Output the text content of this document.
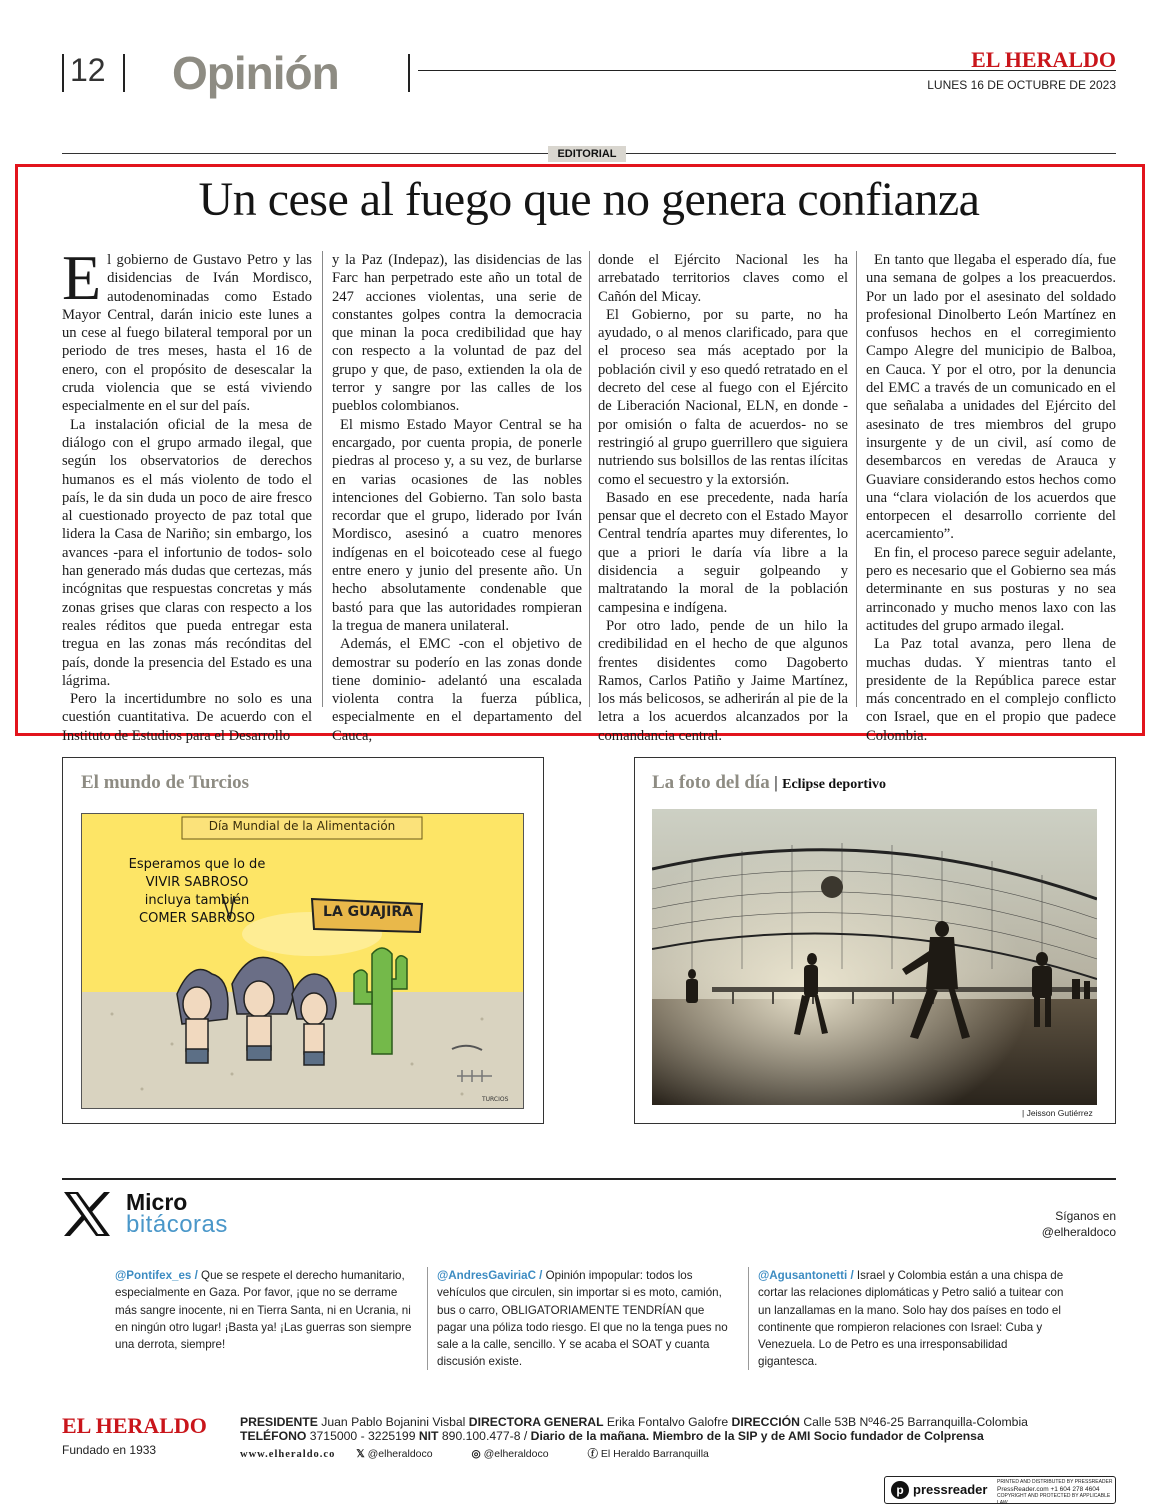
12 Opinión	EL HERALDO
LUNES 16 DE OCTUBRE DE 2023
EDITORIAL
Un cese al fuego que no genera confianza

El gobierno de Gustavo Petro y las disidencias de Iván Mordisco, autodenominadas como Estado Mayor Central, darán inicio este lunes a un cese al fuego bilateral temporal por un periodo de tres meses, hasta el 16 de enero, con el propósito de desescalar la cruda violencia que se está viviendo especialmente en el sur del país.

La instalación oficial de la mesa de diálogo con el grupo armado ilegal, que según los observatorios de derechos humanos es el más violento de todo el país, le da sin duda un poco de aire fresco al cuestionado proyecto de paz total que lidera la Casa de Nariño; sin embargo, los avances -para el infortunio de todos- solo han generado más dudas que certezas, más incógnitas que respuestas concretas y más zonas grises que claras con respecto a los reales réditos que pueda entregar esta tregua en las zonas más recónditas del país, donde la presencia del Estado es una lágrima.

Pero la incertidumbre no solo es una cuestión cuantitativa. De acuerdo con el Instituto de Estudios para el Desarrollo

y la Paz (Indepaz), las disidencias de las Farc han perpetrado este año un total de 247 acciones violentas, una serie de constantes golpes contra la democracia que minan la poca credibilidad que hay con respecto a la voluntad de paz del grupo y que, de paso, extienden la ola de terror y sangre por las calles de los pueblos colombianos.

El mismo Estado Mayor Central se ha encargado, por cuenta propia, de ponerle piedras al proceso y, a su vez, de burlarse en varias ocasiones de las nobles intenciones del Gobierno. Tan solo basta recordar que el grupo, liderado por Iván Mordisco, asesinó a cuatro menores indígenas en el boicoteado cese al fuego entre enero y junio del presente año. Un hecho absolutamente condenable que bastó para que las autoridades rompieran la tregua de manera unilateral.

Además, el EMC -con el objetivo de demostrar su poderío en las zonas donde tiene dominio- adelantó una escalada violenta contra la fuerza pública, especialmente en el departamento del Cauca,

donde el Ejército Nacional les ha arrebatado territorios claves como el Cañón del Micay.

El Gobierno, por su parte, no ha ayudado, o al menos clarificado, para que el proceso sea más aceptado por la población civil y eso quedó retratado en el decreto del cese al fuego con el Ejército de Liberación Nacional, ELN, en donde -por omisión o falta de acuerdos- no se restringió al grupo guerrillero que siguiera nutriendo sus bolsillos de las rentas ilícitas como el secuestro y la extorsión.

Basado en ese precedente, nada haría pensar que el decreto con el Estado Mayor Central tendría apartes muy diferentes, lo que a priori le daría vía libre a la disidencia a seguir golpeando y maltratando la moral de la población campesina e indígena.

Por otro lado, pende de un hilo la credibilidad en el hecho de que algunos frentes disidentes como Dagoberto Ramos, Carlos Patiño y Jaime Martínez, los más belicosos, se adherirán al pie de la letra a los acuerdos alcanzados por la comandancia central.

En tanto que llegaba el esperado día, fue una semana de golpes a los preacuerdos. Por un lado por el asesinato del soldado profesional Dinolberto León Martínez en confusos hechos en el corregimiento Campo Alegre del municipio de Balboa, en Cauca. Y por el otro, por la denuncia del EMC a través de un comunicado en el que señalaba a unidades del Ejército del asesinato de tres miembros del grupo insurgente y de un civil, así como de desembarcos en veredas de Arauca y Guaviare considerando estos hechos como una “clara violación de los acuerdos que entorpecen el desarrollo corriente del acercamiento”.

En fin, el proceso parece seguir adelante, pero es necesario que el Gobierno sea más determinante en sus posturas y no sea arrinconado y mucho menos laxo con las actitudes del grupo armado ilegal.

La Paz total avanza, pero llena de muchas dudas. Y mientras tanto el presidente de la República parece estar más concentrado en el complejo conflicto con Israel, que en el propio que padece Colombia.

El mundo de Turcios
Día Mundial de la Alimentación
Esperamos que lo de
VIVIR SABROSO
incluya también
COMER SABROSO	LA GUAJIRA
TURCIOS
La foto del día | Eclipse deportivo
| Jeisson Gutiérrez
Micro
bitácoras	Síganos en
@elheraldoco
@Pontifex_es / Que se respete el derecho humanitario, especialmente en Gaza. Por favor, ¡que no se derrame más sangre inocente, ni en Tierra Santa, ni en Ucrania, ni en ningún otro lugar! ¡Basta ya! ¡Las guerras son siempre una derrota, siempre!
@AndresGaviriaC / Opinión impopular: todos los vehículos que circulen, sin importar si es moto, camión, bus o carro, OBLIGATORIAMENTE TENDRÍAN que pagar una póliza todo riesgo. El que no la tenga pues no sale a la calle, sencillo. Y se acaba el SOAT y cuanta discusión existe.
@Agusantonetti / Israel y Colombia están a una chispa de cortar las relaciones diplomáticas y Petro salió a tuitear con un lanzallamas en la mano. Solo hay dos países en todo el continente que rompieron relaciones con Israel: Cuba y Venezuela. Lo de Petro es una irresponsabilidad gigantesca.
EL HERALDO
Fundado en 1933
PRESIDENTE Juan Pablo Bojanini Visbal DIRECTORA GENERAL Erika Fontalvo Galofre DIRECCIÓN Calle 53B Nº46-25 Barranquilla-Colombia
TELÉFONO 3715000 - 3225199 NIT 890.100.477-8 / Diario de la mañana. Miembro de la SIP y de AMI Socio fundador de Colprensa
www.elheraldo.co 𝕏 @elheraldoco	◎ @elheraldoco	ⓕ El Heraldo Barranquilla
p pressreader PRINTED AND DISTRIBUTED BY PRESSREADER
PressReader.com +1 604 278 4604
COPYRIGHT AND PROTECTED BY APPLICABLE LAW
